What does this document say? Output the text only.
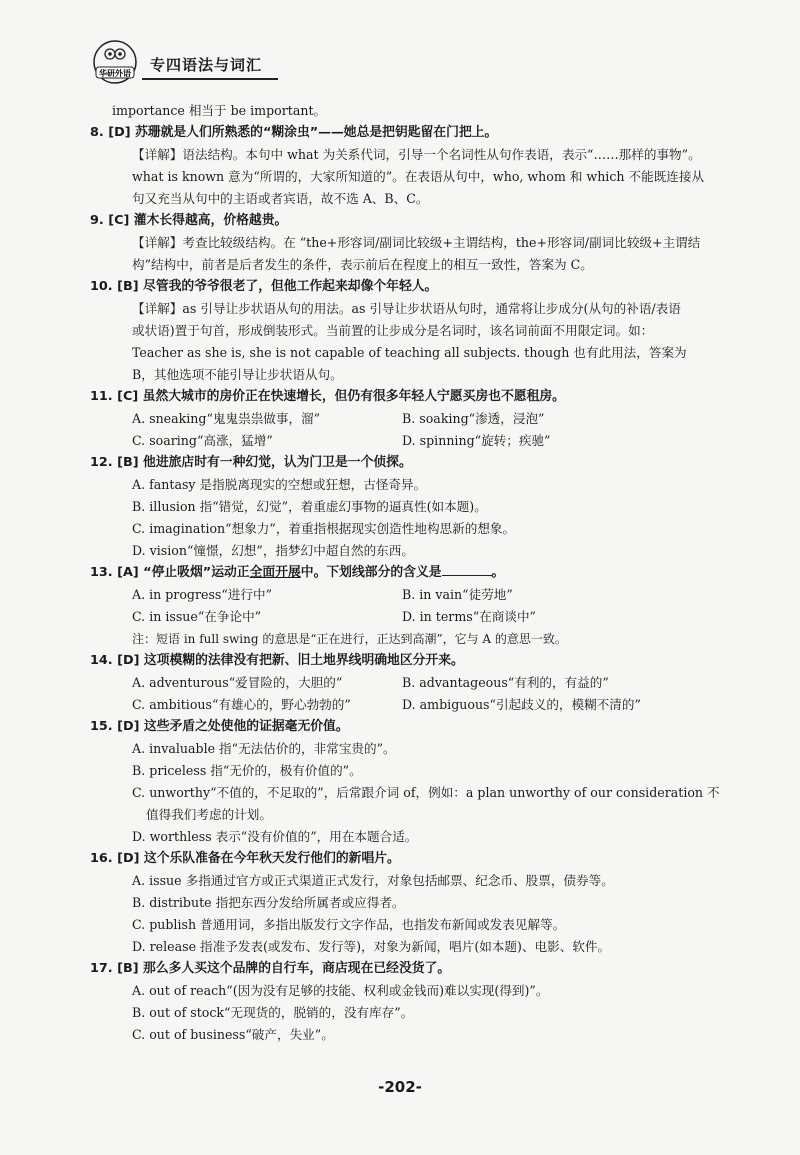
华研外语 专四语法与词汇
importance 相当于 be important。
8. [D] 苏珊就是人们所熟悉的“糊涂虫”——她总是把钥匙留在门把上。
【详解】语法结构。本句中 what 为关系代词，引导一个名词性从句作表语，表示“……那样的事物”。
what is known 意为“所谓的，大家所知道的”。在表语从句中，who, whom 和 which 不能既连接从
句又充当从句中的主语或者宾语，故不选 A、B、C。
9. [C] 灌木长得越高，价格越贵。
【详解】考查比较级结构。在 “the+形容词/副词比较级+主谓结构，the+形容词/副词比较级+主谓结
构”结构中，前者是后者发生的条件，表示前后在程度上的相互一致性，答案为 C。
10. [B] 尽管我的爷爷很老了，但他工作起来却像个年轻人。
【详解】as 引导让步状语从句的用法。as 引导让步状语从句时，通常将让步成分(从句的补语/表语
或状语)置于句首，形成倒装形式。当前置的让步成分是名词时，该名词前面不用限定词。如：
Teacher as she is, she is not capable of teaching all subjects. though 也有此用法，答案为
B，其他选项不能引导让步状语从句。
11. [C] 虽然大城市的房价正在快速增长，但仍有很多年轻人宁愿买房也不愿租房。
A. sneaking“鬼鬼祟祟做事，溜”	B. soaking“渗透，浸泡”
C. soaring“高涨，猛增”	D. spinning“旋转；疾驰”
12. [B] 他进旅店时有一种幻觉，认为门卫是一个侦探。
A. fantasy 是指脱离现实的空想或狂想，古怪奇异。
B. illusion 指“错觉，幻觉”，着重虚幻事物的逼真性(如本题)。
C. imagination“想象力”，着重指根据现实创造性地构思新的想象。
D. vision“憧憬，幻想”，指梦幻中超自然的东西。
13. [A] “停止吸烟”运动正全面开展中。下划线部分的含义是	。
A. in progress“进行中”	B. in vain“徒劳地”
C. in issue“在争论中”	D. in terms“在商谈中”
注：短语 in full swing 的意思是“正在进行，正达到高潮”，它与 A 的意思一致。
14. [D] 这项模糊的法律没有把新、旧土地界线明确地区分开来。
A. adventurous“爱冒险的，大胆的”	B. advantageous“有利的，有益的”
C. ambitious“有雄心的，野心勃勃的”	D. ambiguous“引起歧义的，模糊不清的”
15. [D] 这些矛盾之处使他的证据毫无价值。
A. invaluable 指“无法估价的，非常宝贵的”。
B. priceless 指“无价的，极有价值的”。
C. unworthy“不值的，不足取的”，后常跟介词 of，例如：a plan unworthy of our consideration 不
值得我们考虑的计划。
D. worthless 表示“没有价值的”，用在本题合适。
16. [D] 这个乐队准备在今年秋天发行他们的新唱片。
A. issue 多指通过官方或正式渠道正式发行，对象包括邮票、纪念币、股票，债券等。
B. distribute 指把东西分发给所属者或应得者。
C. publish 普通用词，多指出版发行文字作品，也指发布新闻或发表见解等。
D. release 指准予发表(或发布、发行等)，对象为新闻，唱片(如本题)、电影、软件。
17. [B] 那么多人买这个品牌的自行车，商店现在已经没货了。
A. out of reach“(因为没有足够的技能、权利或金钱而)难以实现(得到)”。
B. out of stock“无现货的，脱销的，没有库存”。
C. out of business“破产，失业”。
-202-
